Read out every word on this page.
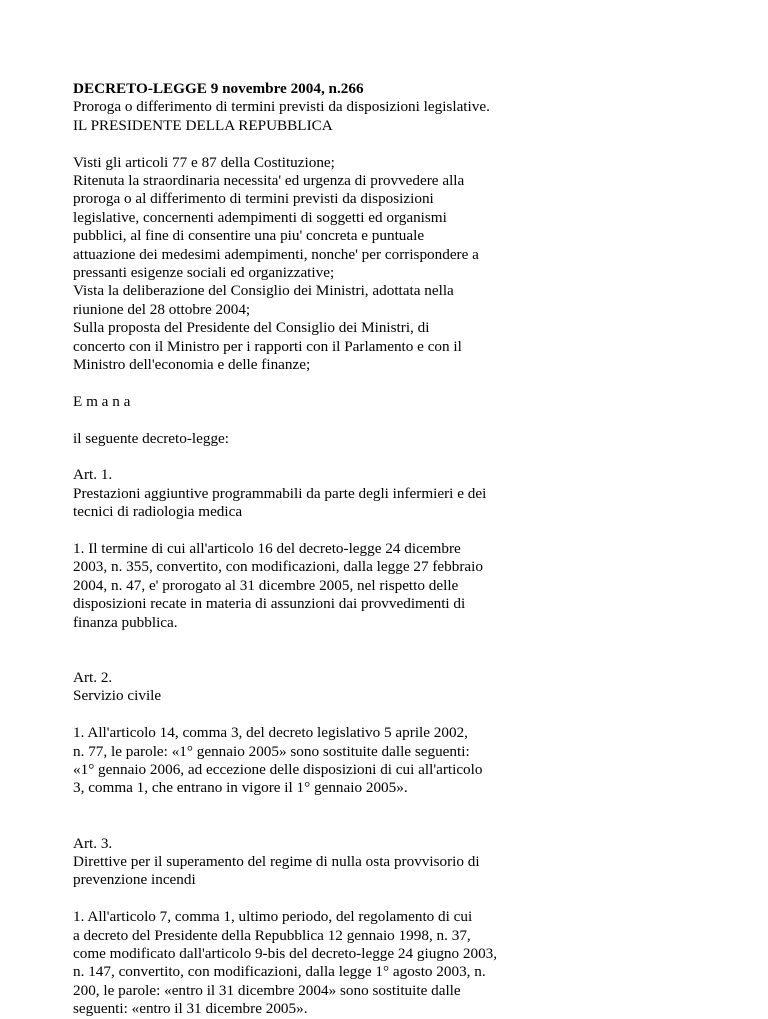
DECRETO-LEGGE 9 novembre 2004, n.266
Proroga o differimento di termini previsti da disposizioni legislative.
IL PRESIDENTE DELLA REPUBBLICA
Visti gli articoli 77 e 87 della Costituzione;
Ritenuta la straordinaria necessita' ed urgenza di provvedere alla
proroga o al differimento di termini previsti da disposizioni
legislative, concernenti adempimenti di soggetti ed organismi
pubblici, al fine di consentire una piu' concreta e puntuale
attuazione dei medesimi adempimenti, nonche' per corrispondere a
pressanti esigenze sociali ed organizzative;
Vista la deliberazione del Consiglio dei Ministri, adottata nella
riunione del 28 ottobre 2004;
Sulla proposta del Presidente del Consiglio dei Ministri, di
concerto con il Ministro per i rapporti con il Parlamento e con il
Ministro dell'economia e delle finanze;
E m a n a
il seguente decreto-legge:
Art. 1.
Prestazioni aggiuntive programmabili da parte degli infermieri e dei
tecnici di radiologia medica
1. Il termine di cui all'articolo 16 del decreto-legge 24 dicembre
2003, n. 355, convertito, con modificazioni, dalla legge 27 febbraio
2004, n. 47, e' prorogato al 31 dicembre 2005, nel rispetto delle
disposizioni recate in materia di assunzioni dai provvedimenti di
finanza pubblica.
Art. 2.
Servizio civile
1. All'articolo 14, comma 3, del decreto legislativo 5 aprile 2002,
n. 77, le parole: «1° gennaio 2005» sono sostituite dalle seguenti:
«1° gennaio 2006, ad eccezione delle disposizioni di cui all'articolo
3, comma 1, che entrano in vigore il 1° gennaio 2005».
Art. 3.
Direttive per il superamento del regime di nulla osta provvisorio di
prevenzione incendi
1. All'articolo 7, comma 1, ultimo periodo, del regolamento di cui
a decreto del Presidente della Repubblica 12 gennaio 1998, n. 37,
come modificato dall'articolo 9-bis del decreto-legge 24 giugno 2003,
n. 147, convertito, con modificazioni, dalla legge 1° agosto 2003, n.
200, le parole: «entro il 31 dicembre 2004» sono sostituite dalle
seguenti: «entro il 31 dicembre 2005».
